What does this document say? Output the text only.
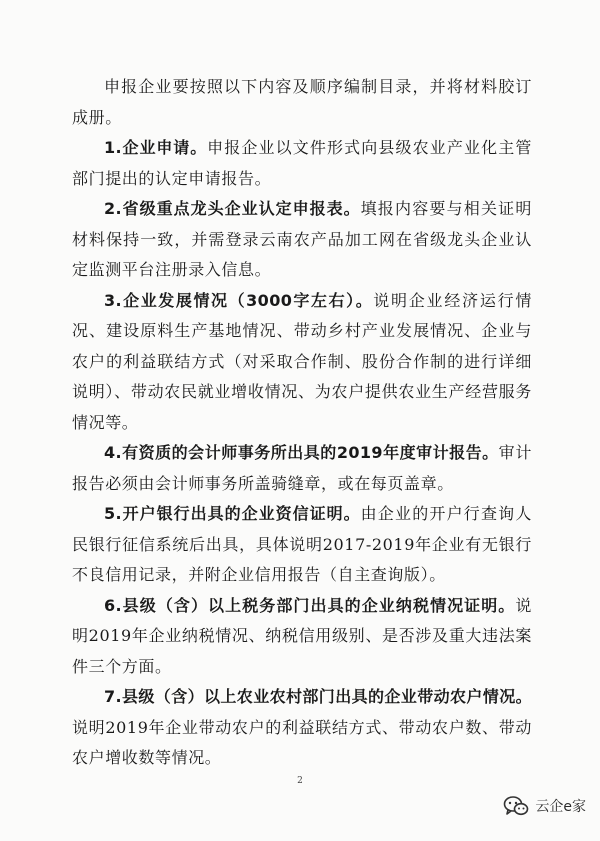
申报企业要按照以下内容及顺序编制目录，并将材料胶订成册。

1.企业申请。申报企业以文件形式向县级农业产业化主管部门提出的认定申请报告。

2.省级重点龙头企业认定申报表。填报内容要与相关证明材料保持一致，并需登录云南农产品加工网在省级龙头企业认定监测平台注册录入信息。

3.企业发展情况（3000字左右）。说明企业经济运行情况、建设原料生产基地情况、带动乡村产业发展情况、企业与农户的利益联结方式（对采取合作制、股份合作制的进行详细说明）、带动农民就业增收情况、为农户提供农业生产经营服务情况等。

4.有资质的会计师事务所出具的2019年度审计报告。审计报告必须由会计师事务所盖骑缝章，或在每页盖章。

5.开户银行出具的企业资信证明。由企业的开户行查询人民银行征信系统后出具，具体说明2017-2019年企业有无银行不良信用记录，并附企业信用报告（自主查询版）。

6.县级（含）以上税务部门出具的企业纳税情况证明。说明2019年企业纳税情况、纳税信用级别、是否涉及重大违法案件三个方面。

7.县级（含）以上农业农村部门出具的企业带动农户情况。说明2019年企业带动农户的利益联结方式、带动农户数、带动农户增收数等情况。

2
云企e家
